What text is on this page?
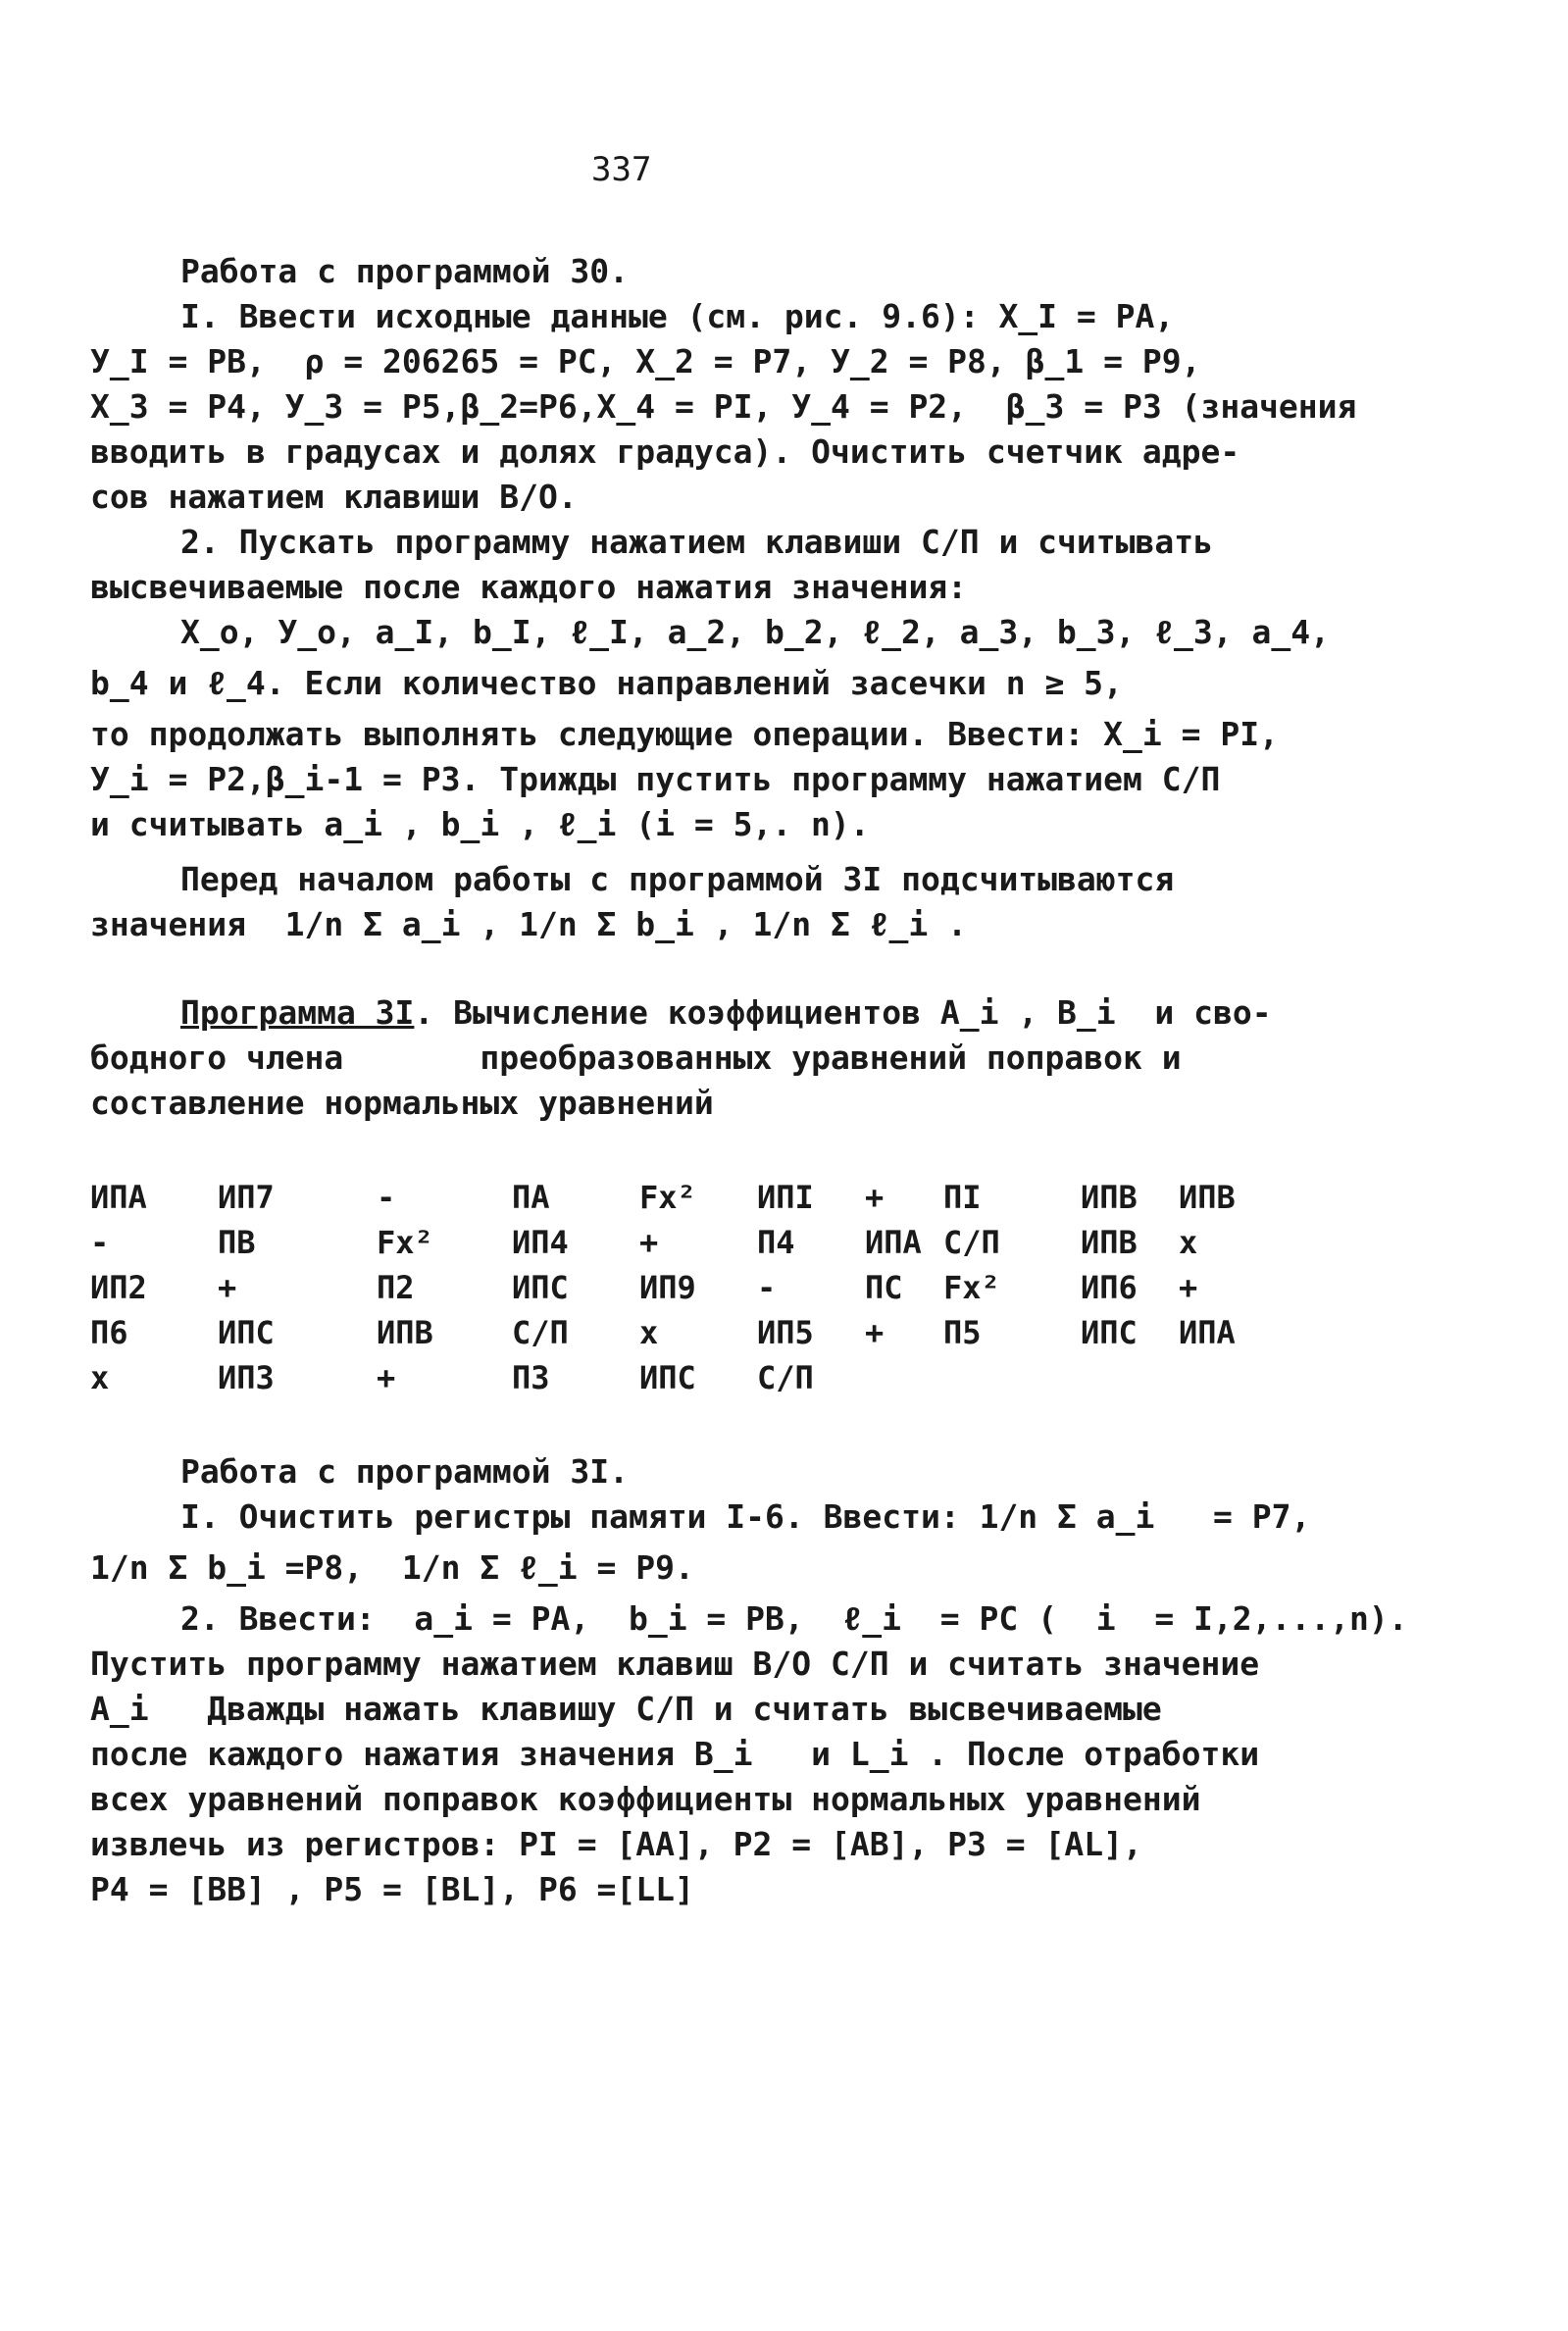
337
Работа с программой 30.
I. Ввести исходные данные (см. рис. 9.6): X_I = PA,
У_I = PB,  ρ = 206265 = PC, X_2 = P7, У_2 = P8, β_1 = P9,
X_3 = P4, У_3 = P5,β_2=P6,X_4 = PI, У_4 = P2,  β_3 = P3 (значения
вводить в градусах и долях градуса). Очистить счетчик адре-
сов нажатием клавиши В/О.
2. Пускать программу нажатием клавиши С/П и считывать
высвечиваемые после каждого нажатия значения:
X_o, У_o, a_I, b_I, ℓ_I, a_2, b_2, ℓ_2, a_3, b_3, ℓ_3, a_4,
b_4 и ℓ_4. Если количество направлений засечки n ≥ 5,
то продолжать выполнять следующие операции. Ввести: X_i = PI,
У_i = P2,β_i-1 = P3. Трижды пустить программу нажатием С/П
и считывать a_i , b_i , ℓ_i (i = 5,. n).
Перед началом работы с программой 3I подсчитываются
значения  1/n Σ a_i , 1/n Σ b_i , 1/n Σ ℓ_i .
Программа 3I. Вычисление коэффициентов A_i , B_i  и сво-
бодного члена       преобразованных уравнений поправок и
составление нормальных уравнений
ИПА	ИП7	-	ПА	Fx²	ИПI	+	ПI	ИПВ	ИПВ
-	ПВ	Fx²	ИП4	+	П4	ИПА	С/П	ИПВ	x
ИП2	+	П2	ИПС	ИП9	-	ПС	Fx²	ИП6	+
П6	ИПС	ИПВ	С/П	x	ИП5	+	П5	ИПС	ИПА
x	ИП3	+	П3	ИПС	С/П				
Работа с программой 3I.
I. Очистить регистры памяти I-6. Ввести: 1/n Σ a_i   = P7,
1/n Σ b_i =P8,  1/n Σ ℓ_i = P9.
2. Ввести:  a_i = PA,  b_i = PB,  ℓ_i  = PC (  i  = I,2,...,n).
Пустить программу нажатием клавиш В/О С/П и считать значение
A_i   Дважды нажать клавишу С/П и считать высвечиваемые
после каждого нажатия значения B_i   и L_i . После отработки
всех уравнений поправок коэффициенты нормальных уравнений
извлечь из регистров: PI = [AA], P2 = [AB], P3 = [AL],
P4 = [BB] , P5 = [BL], P6 =[LL]
